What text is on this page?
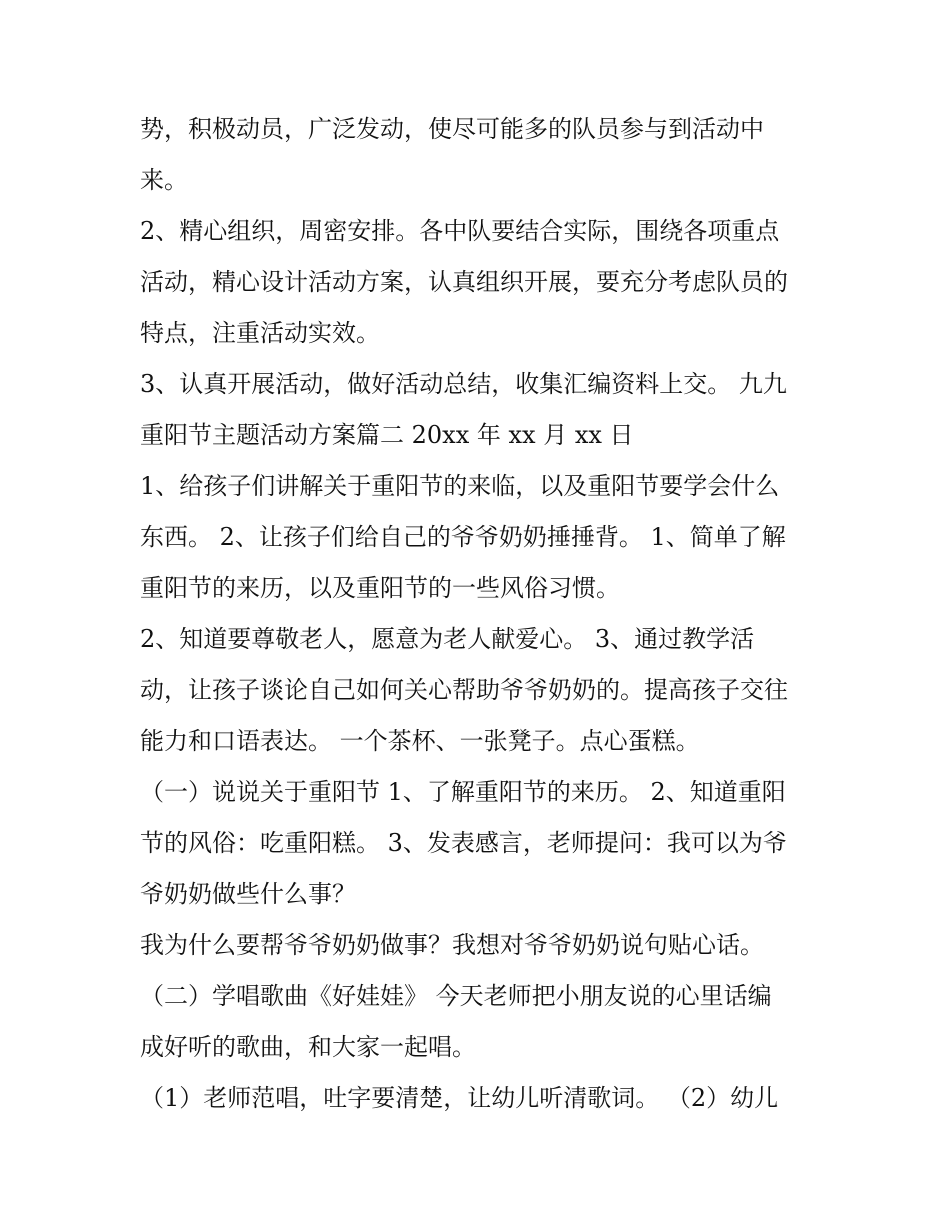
势，积极动员，广泛发动，使尽可能多的队员参与到活动中
来。
2、精心组织，周密安排。各中队要结合实际，围绕各项重点
活动，精心设计活动方案，认真组织开展，要充分考虑队员的
特点，注重活动实效。
3、认真开展活动，做好活动总结，收集汇编资料上交。 九九
重阳节主题活动方案篇二 20xx 年 xx 月 xx 日
1、给孩子们讲解关于重阳节的来临，以及重阳节要学会什么
东西。 2、让孩子们给自己的爷爷奶奶捶捶背。 1、简单了解
重阳节的来历，以及重阳节的一些风俗习惯。
2、知道要尊敬老人，愿意为老人献爱心。 3、通过教学活
动，让孩子谈论自己如何关心帮助爷爷奶奶的。提高孩子交往
能力和口语表达。 一个茶杯、一张凳子。点心蛋糕。
（一）说说关于重阳节 1、了解重阳节的来历。 2、知道重阳
节的风俗：吃重阳糕。 3、发表感言，老师提问：我可以为爷
爷奶奶做些什么事？
我为什么要帮爷爷奶奶做事？我想对爷爷奶奶说句贴心话。
（二）学唱歌曲《好娃娃》 今天老师把小朋友说的心里话编
成好听的歌曲，和大家一起唱。
（1）老师范唱，吐字要清楚，让幼儿听清歌词。 （2）幼儿
